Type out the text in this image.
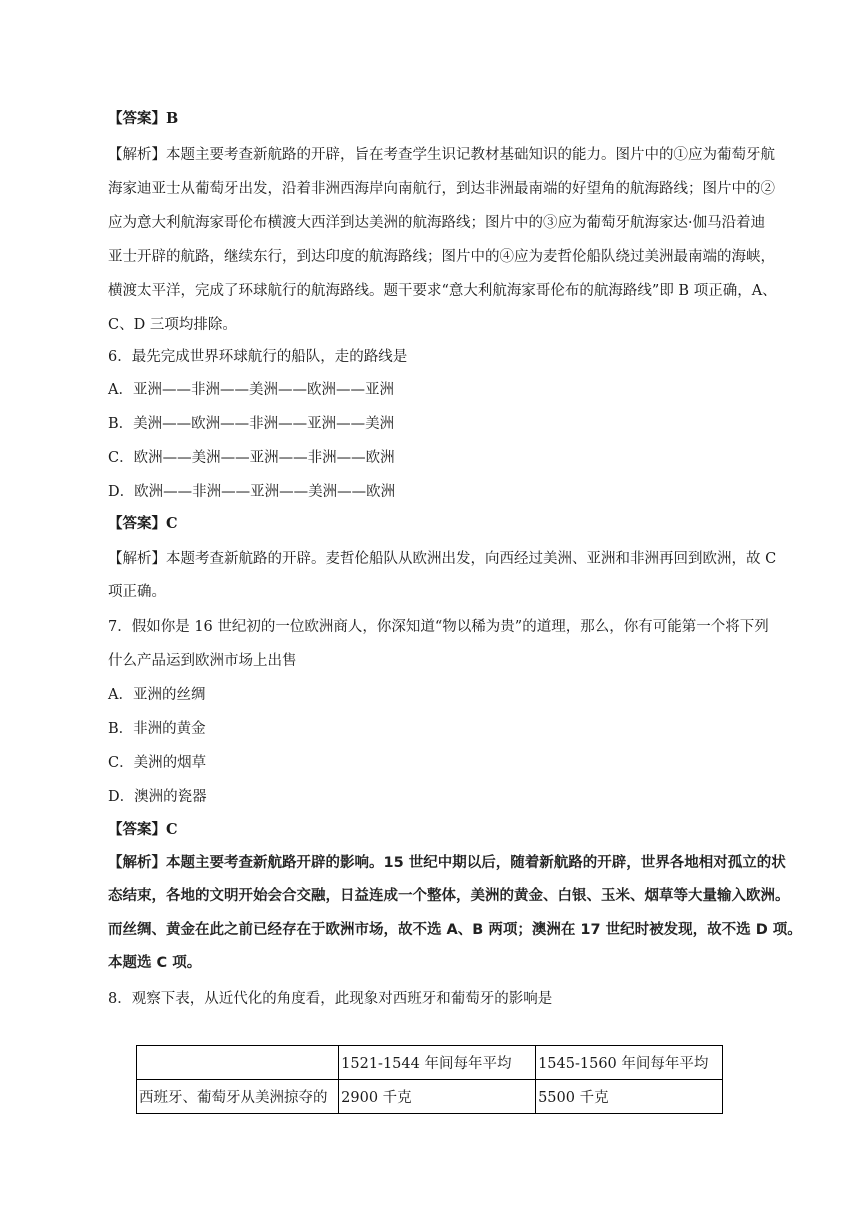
【答案】B
【解析】本题主要考查新航路的开辟，旨在考查学生识记教材基础知识的能力。图片中的①应为葡萄牙航
海家迪亚士从葡萄牙出发，沿着非洲西海岸向南航行，到达非洲最南端的好望角的航海路线；图片中的②
应为意大利航海家哥伦布横渡大西洋到达美洲的航海路线；图片中的③应为葡萄牙航海家达·伽马沿着迪
亚士开辟的航路，继续东行，到达印度的航海路线；图片中的④应为麦哲伦船队绕过美洲最南端的海峡，
横渡太平洋，完成了环球航行的航海路线。题干要求“意大利航海家哥伦布的航海路线”即 B 项正确，A、
C、D 三项均排除。
6．最先完成世界环球航行的船队，走的路线是
A．亚洲——非洲——美洲——欧洲——亚洲
B．美洲——欧洲——非洲——亚洲——美洲
C．欧洲——美洲——亚洲——非洲——欧洲
D．欧洲——非洲——亚洲——美洲——欧洲
【答案】C
【解析】本题考查新航路的开辟。麦哲伦船队从欧洲出发，向西经过美洲、亚洲和非洲再回到欧洲，故 C
项正确。
7．假如你是 16 世纪初的一位欧洲商人，你深知道“物以稀为贵”的道理，那么，你有可能第一个将下列
什么产品运到欧洲市场上出售
A．亚洲的丝绸
B．非洲的黄金
C．美洲的烟草
D．澳洲的瓷器
【答案】C
【解析】本题主要考查新航路开辟的影响。15 世纪中期以后，随着新航路的开辟，世界各地相对孤立的状
态结束，各地的文明开始会合交融，日益连成一个整体，美洲的黄金、白银、玉米、烟草等大量输入欧洲。
而丝绸、黄金在此之前已经存在于欧洲市场，故不选 A、B 两项；澳洲在 17 世纪时被发现，故不选 D 项。
本题选 C 项。
8．观察下表，从近代化的角度看，此现象对西班牙和葡萄牙的影响是
	1521-1544 年间每年平均	1545-1560 年间每年平均
西班牙、葡萄牙从美洲掠夺的	2900 千克	5500 千克
